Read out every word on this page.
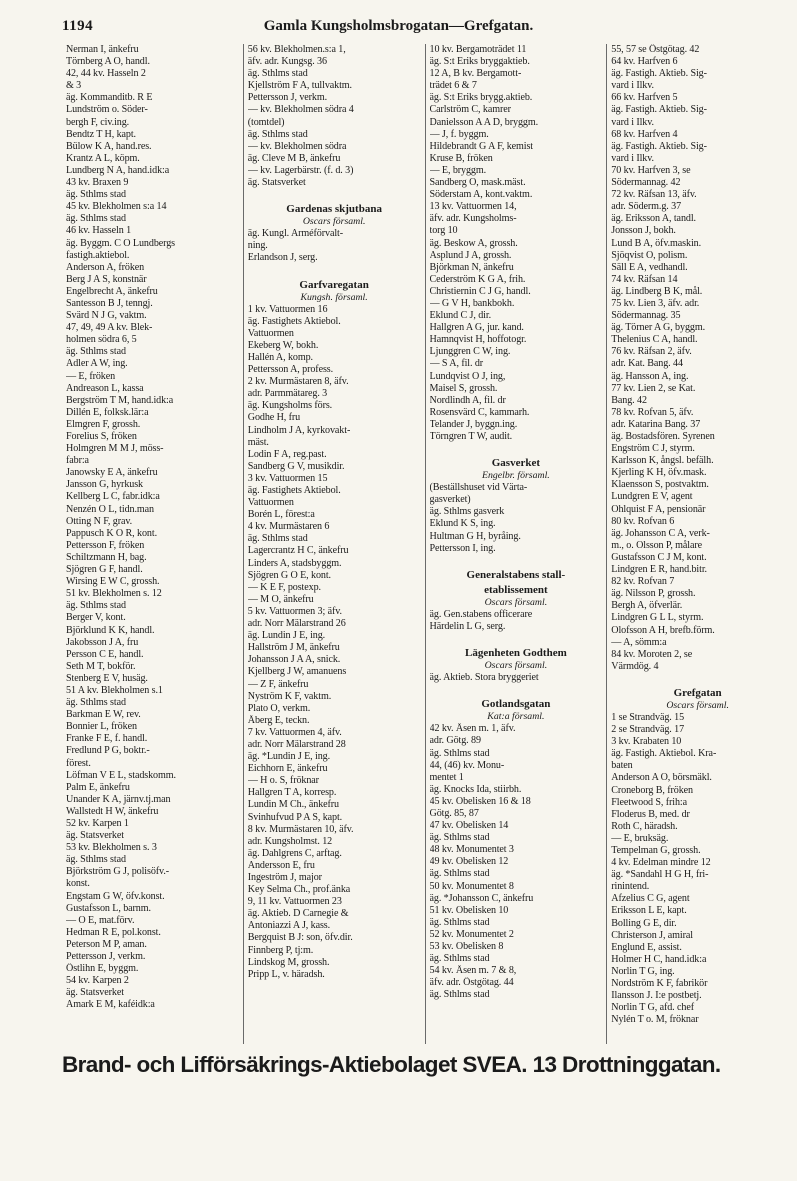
1194	Gamla Kungsholmsbrogatan—Grefgatan.
Nerman I, änkefru
Törnberg A O, handl.
42, 44 kv. Hasseln 2
& 3
äg. Kommanditb. R E
Lundström o. Söder-
bergh F, civ.ing.
Bendtz T H, kapt.
Bülow K A, hand.res.
Krantz A L, köpm.
Lundberg N A, hand.idk:a
43 kv. Braxen 9
äg. Sthlms stad
45 kv. Blekholmen s:a 14
äg. Sthlms stad
46 kv. Hasseln 1
äg. Byggm. C O Lundbergs
fastigh.aktiebol.
Anderson A, fröken
Berg J A S, konstnär
Engelbrecht A, änkefru
Santesson B J, tenngj.
Svärd N J G, vaktm.
47, 49, 49 A kv. Blek-
holmen södra 6, 5
äg. Sthlms stad
Adler A W, ing.
— E, fröken
Andreason L, kassa
Bergström T M, hand.idk:a
Dillén E, folksk.lär:a
Elmgren F, grossh.
Forelius S, fröken
Holmgren M M J, möss-
fabr:a
Janowsky E A, änkefru
Jansson G, hyrkusk
Kellberg L C, fabr.idk:a
Nenzén O L, tidn.man
Otting N F, grav.
Pappusch K O R, kont.
Pettersson F, fröken
Schiltzmann H, bag.
Sjögren G F, handl.
Wirsing E W C, grossh.
51 kv. Blekholmen s. 12
äg. Sthlms stad
Berger V, kont.
Björklund K K, handl.
Jakobsson J A, fru
Persson C E, handl.
Seth M T, bokför.
Stenberg E V, husäg.
51 A kv. Blekholmen s.1
äg. Sthlms stad
Barkman E W, rev.
Bonnier L, fröken
Franke F E, f. handl.
Fredlund P G, boktr.-
förest.
Löfman V E L, stadskomm.
Palm E, änkefru
Unander K A, järnv.tj.man
Wallstedt H W, änkefru
52 kv. Karpen 1
äg. Statsverket
53 kv. Blekholmen s. 3
äg. Sthlms stad
Björkström G J, polisöfv.-
konst.
Engstam G W, öfv.konst.
Gustafsson L, barnm.
— O E, mat.förv.
Hedman R E, pol.konst.
Peterson M P, aman.
Pettersson J, verkm.
Östlihn E, byggm.
54 kv. Karpen 2
äg. Statsverket
Amark E M, kaféidk:a
56 kv. Blekholmen.s:a 1,
äfv. adr. Kungsg. 36
äg. Sthlms stad
Kjellström F A, tullvaktm.
Pettersson J, verkm.
— kv. Blekholmen södra 4
(tomtdel)
äg. Sthlms stad
— kv. Blekholmen södra
äg. Cleve M B, änkefru
— kv. Lagerbärstr. (f. d. 3)
äg. Statsverket

Gardenas skjutbana
Oscars församl.
äg. Kungl. Arméförvalt-
ning.
Erlandson J, serg.

Garfvaregatan
Kungsh. församl.
1 kv. Vattuormen 16
äg. Fastighets Aktiebol.
Vattuormen
Ekeberg W, bokh.
Hallén A, komp.
Pettersson A, profess.
2 kv. Murmästaren 8, äfv.
adr. Parmmätareg. 3
äg. Kungsholms förs.
Godhe H, fru
Lindholm J A, kyrkovakt-
mäst.
Lodin F A, reg.past.
Sandberg G V, musikdir.
3 kv. Vattuormen 15
äg. Fastighets Aktiebol.
Vattuormen
Borén L, förest:a
4 kv. Murmästaren 6
äg. Sthlms stad
Lagercrantz H C, änkefru
Linders A, stadsbyggm.
Sjögren G O E, kont.
— K E F, postexp.
— M O, änkefru
5 kv. Vattuormen 3; äfv.
adr. Norr Mälarstrand 26
äg. Lundin J E, ing.
Hallström J M, änkefru
Johansson J A A, snick.
Kjellberg J W, amanuens
— Z F, änkefru
Nyström K F, vaktm.
Plato O, verkm.
Åberg E, teckn.
7 kv. Vattuormen 4, äfv.
adr. Norr Mälarstrand 28
äg. *Lundin J E, ing.
Eichhorn E, änkefru
— H o. S, fröknar
Hallgren T A, korresp.
Lundin M Ch., änkefru
Svinhufvud P A S, kapt.
8 kv. Murmästaren 10, äfv.
adr. Kungsholmst. 12
äg. Dahlgrens C, arftag.
Andersson E, fru
Ingeström J, major
Key Selma Ch., prof.änka
9, 11 kv. Vattuormen 23
äg. Aktieb. D Carnegie &
Antoniazzi A J, kass.
Bergquist B J: son, öfv.dir.
Finnberg P, tj:m.
Lindskog M, grossh.
Pripp L, v. häradsh.
10 kv. Bergamoträdet 11
äg. S:t Eriks bryggaktieb.
12 A, B kv. Bergamott-
trädet 6 & 7
äg. S:t Eriks brygg.aktieb.
Carlström C, kamrer
Danielsson A A D, bryggm.
— J, f. byggm.
Hildebrandt G A F, kemist
Kruse B, fröken
— E, bryggm.
Sandberg O, mask.mäst.
Söderstam A, kont.vaktm.
13 kv. Vattuormen 14,
äfv. adr. Kungsholms-
torg 10
äg. Beskow A, grossh.
Asplund J A, grossh.
Björkman N, änkefru
Cederström K G A, frih.
Christiernin C J G, handl.
— G V H, bankbokh.
Eklund C J, dir.
Hallgren A G, jur. kand.
Hamnqvist H, hoffotogr.
Ljunggren C W, ing.
— S A, fil. dr
Lundqvist O J, ing,
Maisel S, grossh.
Nordlindh A, fil. dr
Rosensvärd C, kammarh.
Telander J, byggn.ing.
Törngren T W, audit.

Gasverket
Engelbr. församl.
(Beställshuset vid Värta-
gasverket)
äg. Sthlms gasverk
Eklund K S, ing.
Hultman G H, byråing.
Pettersson I, ing.

Generalstabens stall-
etablissement
Oscars församl.
äg. Gen.stabens officerare
Härdelin L G, serg.

Lägenheten Godthem
Oscars församl.
äg. Aktieb. Stora bryggeriet

Gotlandsgatan
Kat:a församl.
42 kv. Åsen m. 1, äfv.
adr. Götg. 89
äg. Sthlms stad
44, (46) kv. Monu-
mentet 1
äg. Knocks Ida, stiirbh.
45 kv. Obelisken 16 & 18
Götg. 85, 87
47 kv. Obelisken 14
äg. Sthlms stad
48 kv. Monumentet 3
49 kv. Obelisken 12
äg. Sthlms stad
50 kv. Monumentet 8
äg. *Johansson C, änkefru
51 kv. Obelisken 10
äg. Sthlms stad
52 kv. Monumentet 2
53 kv. Obelisken 8
äg. Sthlms stad
54 kv. Åsen m. 7 & 8,
äfv. adr. Östgötag. 44
äg. Sthlms stad
55, 57 se Östgötag. 42
64 kv. Harfven 6
äg. Fastigh. Aktieb. Sig-
vard i Ilkv.
66 kv. Harfven 5
äg. Fastigh. Aktieb. Sig-
vard i Ilkv.
68 kv. Harfven 4
äg. Fastigh. Aktieb. Sig-
vard i Ilkv.
70 kv. Harfven 3, se
Södermannag. 42
72 kv. Räfsan 13, äfv.
adr. Söderm.g. 37
äg. Eriksson A, tandl.
Jonsson J, bokh.
Lund B A, öfv.maskin.
Sjöqvist O, polism.
Säll E A, vedhandl.
74 kv. Räfsan 14
äg. Lindberg B K, mål.
75 kv. Lien 3, äfv. adr.
Södermannag. 35
äg. Törner A G, byggm.
Thelenius C A, handl.
76 kv. Räfsan 2, äfv.
adr. Kat. Bang. 44
äg. Hansson A, ing.
77 kv. Lien 2, se Kat.
Bang. 42
78 kv. Rofvan 5, äfv.
adr. Katarina Bang. 37
äg. Bostadsfören. Syrenen
Engström C J, styrm.
Karlsson K, ångsl. befälh.
Kjerling K H, öfv.mask.
Klaensson S, postvaktm.
Lundgren E V, agent
Ohlquist F A, pensionär
80 kv. Rofvan 6
äg. Johansson C A, verk-
m., o. Olsson P, målare
Gustafsson C J M, kont.
Lindgren E R, hand.bitr.
82 kv. Rofvan 7
äg. Nilsson P, grossh.
Bergh A, öfverlär.
Lindgren G L L, styrm.
Olofsson A H, brefb.förm.
— A, sömm:a
84 kv. Moroten 2, se
Värmdög. 4

Grefgatan
Oscars församl.
1 se Strandväg. 15
2 se Strandväg. 17
3 kv. Krabaten 10
äg. Fastigh. Aktiebol. Kra-
baten
Anderson A O, börsmäkl.
Croneborg B, fröken
Fleetwood S, frih:a
Floderus B, med. dr
Roth C, häradsh.
— E, bruksäg.
Tempelman G, grossh.
4 kv. Edelman mindre 12
äg. *Sandahl H G H, fri-
rinintend.
Afzelius C G, agent
Eriksson L E, kapt.
Bolling G E, dir.
Christerson J, amiral
Englund E, assist.
Holmer H C, hand.idk:a
Norlin T G, ing.
Nordström K F, fabrikör
Ilansson J. I:e postbetj.
Norlin T G, afd. chef
Nylén T o. M, fröknar
Brand- och Lifförsäkrings-Aktiebolaget SVEA. 13 Drottninggatan.
